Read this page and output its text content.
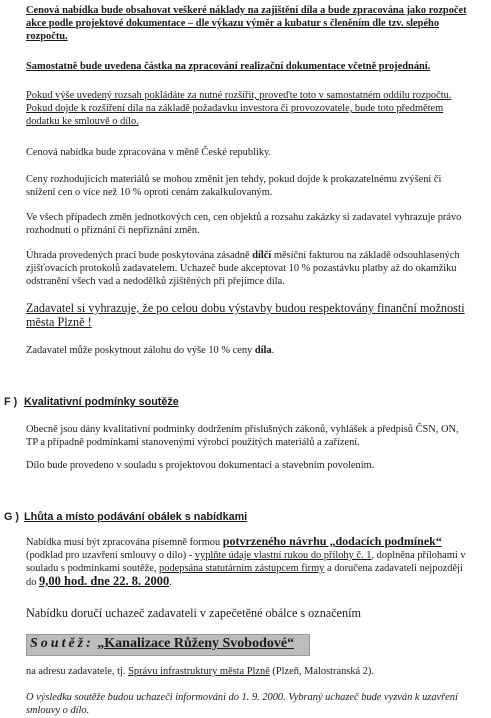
Cenová nabídka bude obsahovat veškeré náklady na zajištění díla a bude zpracována jako rozpočet akce podle projektové dokumentace – dle výkazu výměr a kubatur s členěním dle tzv. slepého rozpočtu.

Samostatně bude uvedena částka na zpracování realizační dokumentace včetně projednání.

Pokud výše uvedený rozsah pokládáte za nutné rozšířit, proveďte toto v samostatném oddílu rozpočtu. Pokud dojde k rozšíření díla na základě požadavku investora či provozovatele, bude toto předmětem dodatku ke smlouvě o dílo.

Cenová nabídka bude zpracována v měně České republiky.

Ceny rozhodujících materiálů se mohou změnit jen tehdy, pokud dojde k prokazatelnému zvýšení či snížení cen o více než 10 % oproti cenám zakalkulovaným.

Ve všech případech změn jednotkových cen, cen objektů a rozsahu zakázky si zadavatel vyhrazuje právo rozhodnutí o přiznání či nepřiznání změn.

Úhrada provedených prací bude poskytována zásadně dílčí měsíční fakturou na základě odsouhlasených zjišťovacích protokolů zadavatelem. Uchazeč bude akceptovat 10 % pozastávku platby až do okamžiku odstranění všech vad a nedodělků zjištěných při přejímce díla.

Zadavatel si vyhrazuje, že po celou dobu výstavby budou respektovány finanční možnosti města Plzně !

Zadavatel může poskytnout zálohu do výše 10 % ceny díla.

F ) Kvalitativní podmínky soutěže

Obecně jsou dány kvalitativní podmínky dodržením příslušných zákonů, vyhlášek a předpisů ČSN, ON, TP a případně podmínkami stanovenými výrobci použitých materiálů a zařízení.

Dílo bude provedeno v souladu s projektovou dokumentací a stavebním povolením.

G ) Lhůta a místo podávání obálek s nabídkami

Nabídka musí být zpracována písemně formou potvrzeného návrhu „dodacích podmínek“ (podklad pro uzavření smlouvy o dílo) - vyplňte údaje vlastní rukou do přílohy č. 1, doplněna přílohami v souladu s podmínkami soutěže, podepsána statutárním zástupcem firmy a doručena zadavateli nejpozději do 9,00 hod. dne 22. 8. 2000.

Nabídku doručí uchazeč zadavateli v zapečetěné obálce s označením

Soutěž: „Kanalizace Růženy Svobodové“

na adresu zadavatele, tj. Správu infrastruktury města Plzně (Plzeň, Malostranská 2).

O výsledku soutěže budou uchazeči informováni do 1. 9. 2000. Vybraný uchazeč bude vyzván k uzavření smlouvy o dílo.
